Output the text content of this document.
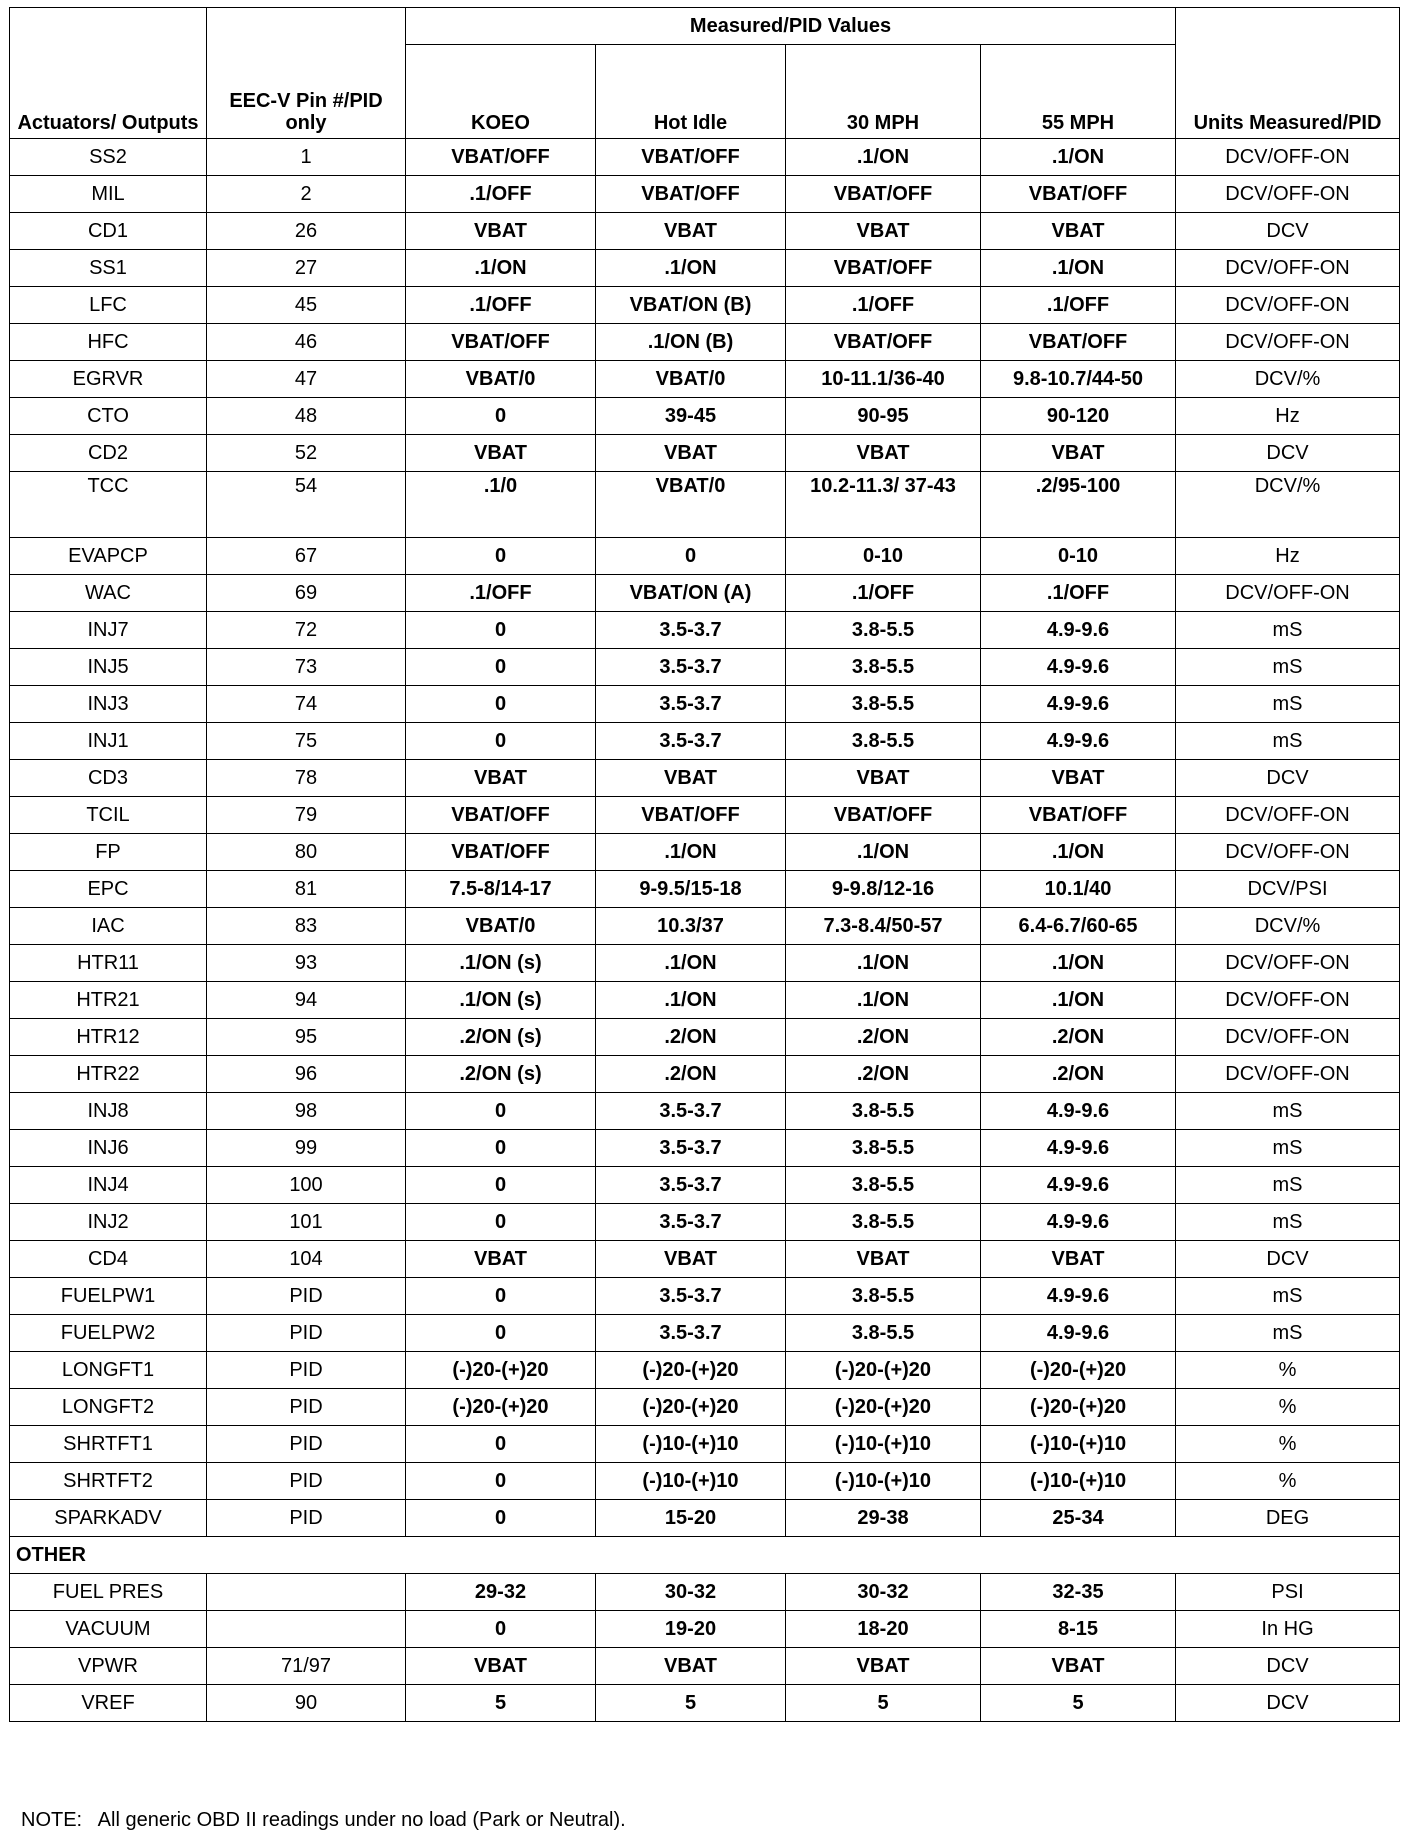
Actuators/ Outputs	EEC-V Pin #/PID only	Measured/PID Values				Units Measured/PID
		KOEO	Hot Idle	30 MPH	55 MPH	
SS2	1	VBAT/OFF	VBAT/OFF	.1/ON	.1/ON	DCV/OFF-ON
MIL	2	.1/OFF	VBAT/OFF	VBAT/OFF	VBAT/OFF	DCV/OFF-ON
CD1	26	VBAT	VBAT	VBAT	VBAT	DCV
SS1	27	.1/ON	.1/ON	VBAT/OFF	.1/ON	DCV/OFF-ON
LFC	45	.1/OFF	VBAT/ON (B)	.1/OFF	.1/OFF	DCV/OFF-ON
HFC	46	VBAT/OFF	.1/ON (B)	VBAT/OFF	VBAT/OFF	DCV/OFF-ON
EGRVR	47	VBAT/0	VBAT/0	10-11.1/36-40	9.8-10.7/44-50	DCV/%
CTO	48	0	39-45	90-95	90-120	Hz
CD2	52	VBAT	VBAT	VBAT	VBAT	DCV
TCC	54	.1/0	VBAT/0	10.2-11.3/ 37-43	.2/95-100	DCV/%
EVAPCP	67	0	0	0-10	0-10	Hz
WAC	69	.1/OFF	VBAT/ON (A)	.1/OFF	.1/OFF	DCV/OFF-ON
INJ7	72	0	3.5-3.7	3.8-5.5	4.9-9.6	mS
INJ5	73	0	3.5-3.7	3.8-5.5	4.9-9.6	mS
INJ3	74	0	3.5-3.7	3.8-5.5	4.9-9.6	mS
INJ1	75	0	3.5-3.7	3.8-5.5	4.9-9.6	mS
CD3	78	VBAT	VBAT	VBAT	VBAT	DCV
TCIL	79	VBAT/OFF	VBAT/OFF	VBAT/OFF	VBAT/OFF	DCV/OFF-ON
FP	80	VBAT/OFF	.1/ON	.1/ON	.1/ON	DCV/OFF-ON
EPC	81	7.5-8/14-17	9-9.5/15-18	9-9.8/12-16	10.1/40	DCV/PSI
IAC	83	VBAT/0	10.3/37	7.3-8.4/50-57	6.4-6.7/60-65	DCV/%
HTR11	93	.1/ON (s)	.1/ON	.1/ON	.1/ON	DCV/OFF-ON
HTR21	94	.1/ON (s)	.1/ON	.1/ON	.1/ON	DCV/OFF-ON
HTR12	95	.2/ON (s)	.2/ON	.2/ON	.2/ON	DCV/OFF-ON
HTR22	96	.2/ON (s)	.2/ON	.2/ON	.2/ON	DCV/OFF-ON
INJ8	98	0	3.5-3.7	3.8-5.5	4.9-9.6	mS
INJ6	99	0	3.5-3.7	3.8-5.5	4.9-9.6	mS
INJ4	100	0	3.5-3.7	3.8-5.5	4.9-9.6	mS
INJ2	101	0	3.5-3.7	3.8-5.5	4.9-9.6	mS
CD4	104	VBAT	VBAT	VBAT	VBAT	DCV
FUELPW1	PID	0	3.5-3.7	3.8-5.5	4.9-9.6	mS
FUELPW2	PID	0	3.5-3.7	3.8-5.5	4.9-9.6	mS
LONGFT1	PID	(-)20-(+)20	(-)20-(+)20	(-)20-(+)20	(-)20-(+)20	%
LONGFT2	PID	(-)20-(+)20	(-)20-(+)20	(-)20-(+)20	(-)20-(+)20	%
SHRTFT1	PID	0	(-)10-(+)10	(-)10-(+)10	(-)10-(+)10	%
SHRTFT2	PID	0	(-)10-(+)10	(-)10-(+)10	(-)10-(+)10	%
SPARKADV	PID	0	15-20	29-38	25-34	DEG
OTHER						
FUEL PRES		29-32	30-32	30-32	32-35	PSI
VACUUM		0	19-20	18-20	8-15	In HG
VPWR	71/97	VBAT	VBAT	VBAT	VBAT	DCV
VREF	90	5	5	5	5	DCV
NOTE:   All generic OBD II readings under no load (Park or Neutral).
